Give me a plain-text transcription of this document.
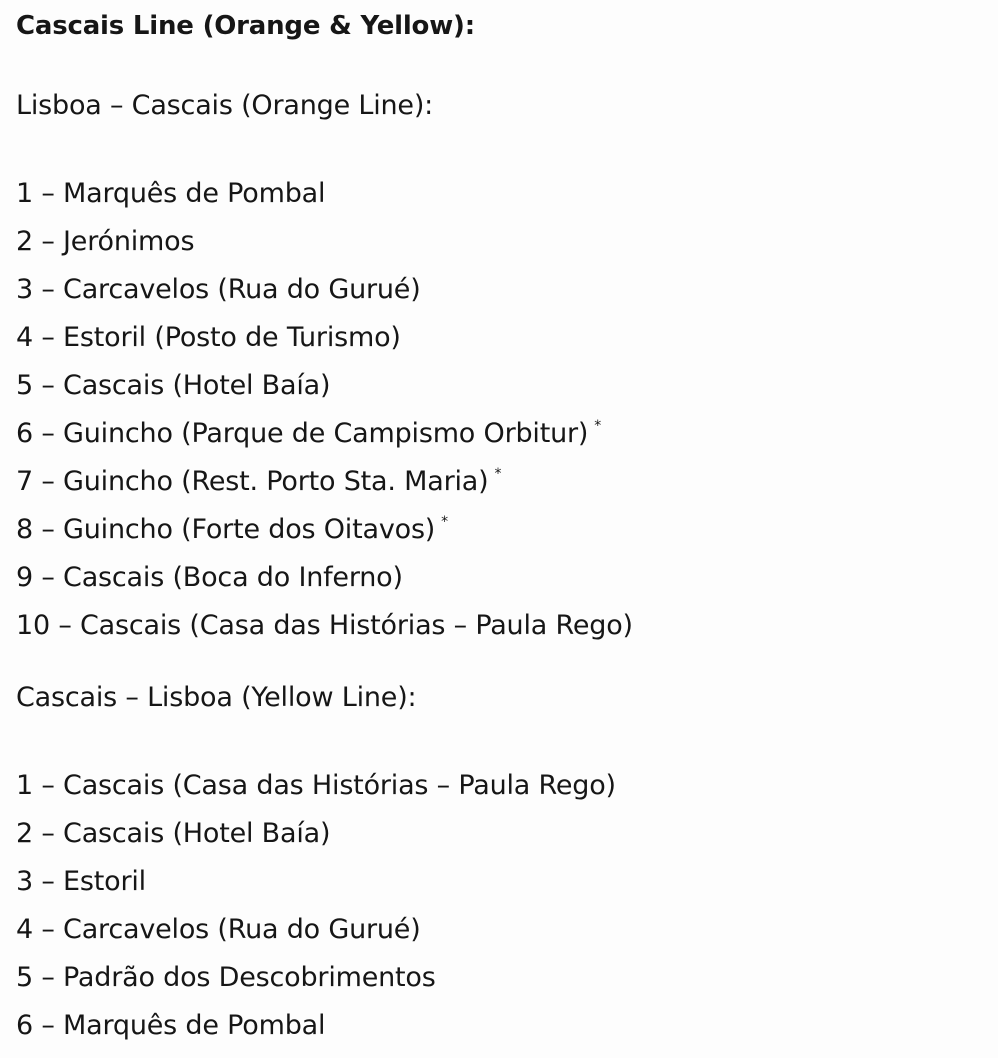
Cascais Line (Orange & Yellow):

Lisboa – Cascais (Orange Line):

1 – Marquês de Pombal
2 – Jerónimos
3 – Carcavelos (Rua do Gurué)
4 – Estoril (Posto de Turismo)
5 – Cascais (Hotel Baía)
6 – Guincho (Parque de Campismo Orbitur) *
7 – Guincho (Rest. Porto Sta. Maria) *
8 – Guincho (Forte dos Oitavos) *
9 – Cascais (Boca do Inferno)
10 – Cascais (Casa das Histórias – Paula Rego)

Cascais – Lisboa (Yellow Line):

1 – Cascais (Casa das Histórias – Paula Rego)
2 – Cascais (Hotel Baía)
3 – Estoril
4 – Carcavelos (Rua do Gurué)
5 – Padrão dos Descobrimentos
6 – Marquês de Pombal
